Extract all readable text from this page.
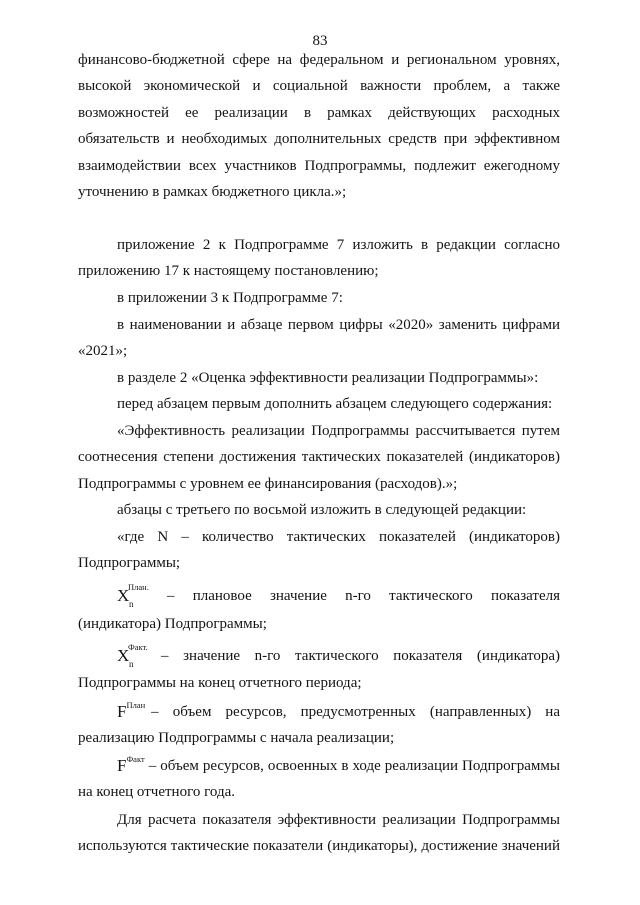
83
финансово-бюджетной сфере на федеральном и региональном уровнях,
высокой экономической и социальной важности проблем, а также
возможностей ее реализации в рамках действующих расходных
обязательств и необходимых дополнительных средств при эффективном
взаимодействии всех участников Подпрограммы, подлежит ежегодному
уточнению в рамках бюджетного цикла.»;
приложение 2 к Подпрограмме 7 изложить в редакции согласно
приложению 17 к настоящему постановлению;
в приложении 3 к Подпрограмме 7:
в наименовании и абзаце первом цифры «2020» заменить цифрами
«2021»;
в разделе 2 «Оценка эффективности реализации Подпрограммы»:
перед абзацем первым дополнить абзацем следующего содержания:
«Эффективность реализации Подпрограммы рассчитывается путем
соотнесения степени достижения тактических показателей (индикаторов)
Подпрограммы с уровнем ее финансирования (расходов).»;
абзацы с третьего по восьмой изложить в следующей редакции:
«где N – количество тактических показателей (индикаторов)
Подпрограммы;
X
План.
n – плановое значение n-го тактического показателя
(индикатора) Подпрограммы;
X
Факт.
n – значение n-го тактического показателя (индикатора)
Подпрограммы на конец отчетного периода;
$F^{План}$ – объем ресурсов, предусмотренных (направленных) на
реализацию Подпрограммы с начала реализации;
$F^{Факт}$ – объем ресурсов, освоенных в ходе реализации Подпрограммы
на конец отчетного года.
Для расчета показателя эффективности реализации Подпрограммы
используются тактические показатели (индикаторы), достижение значений
